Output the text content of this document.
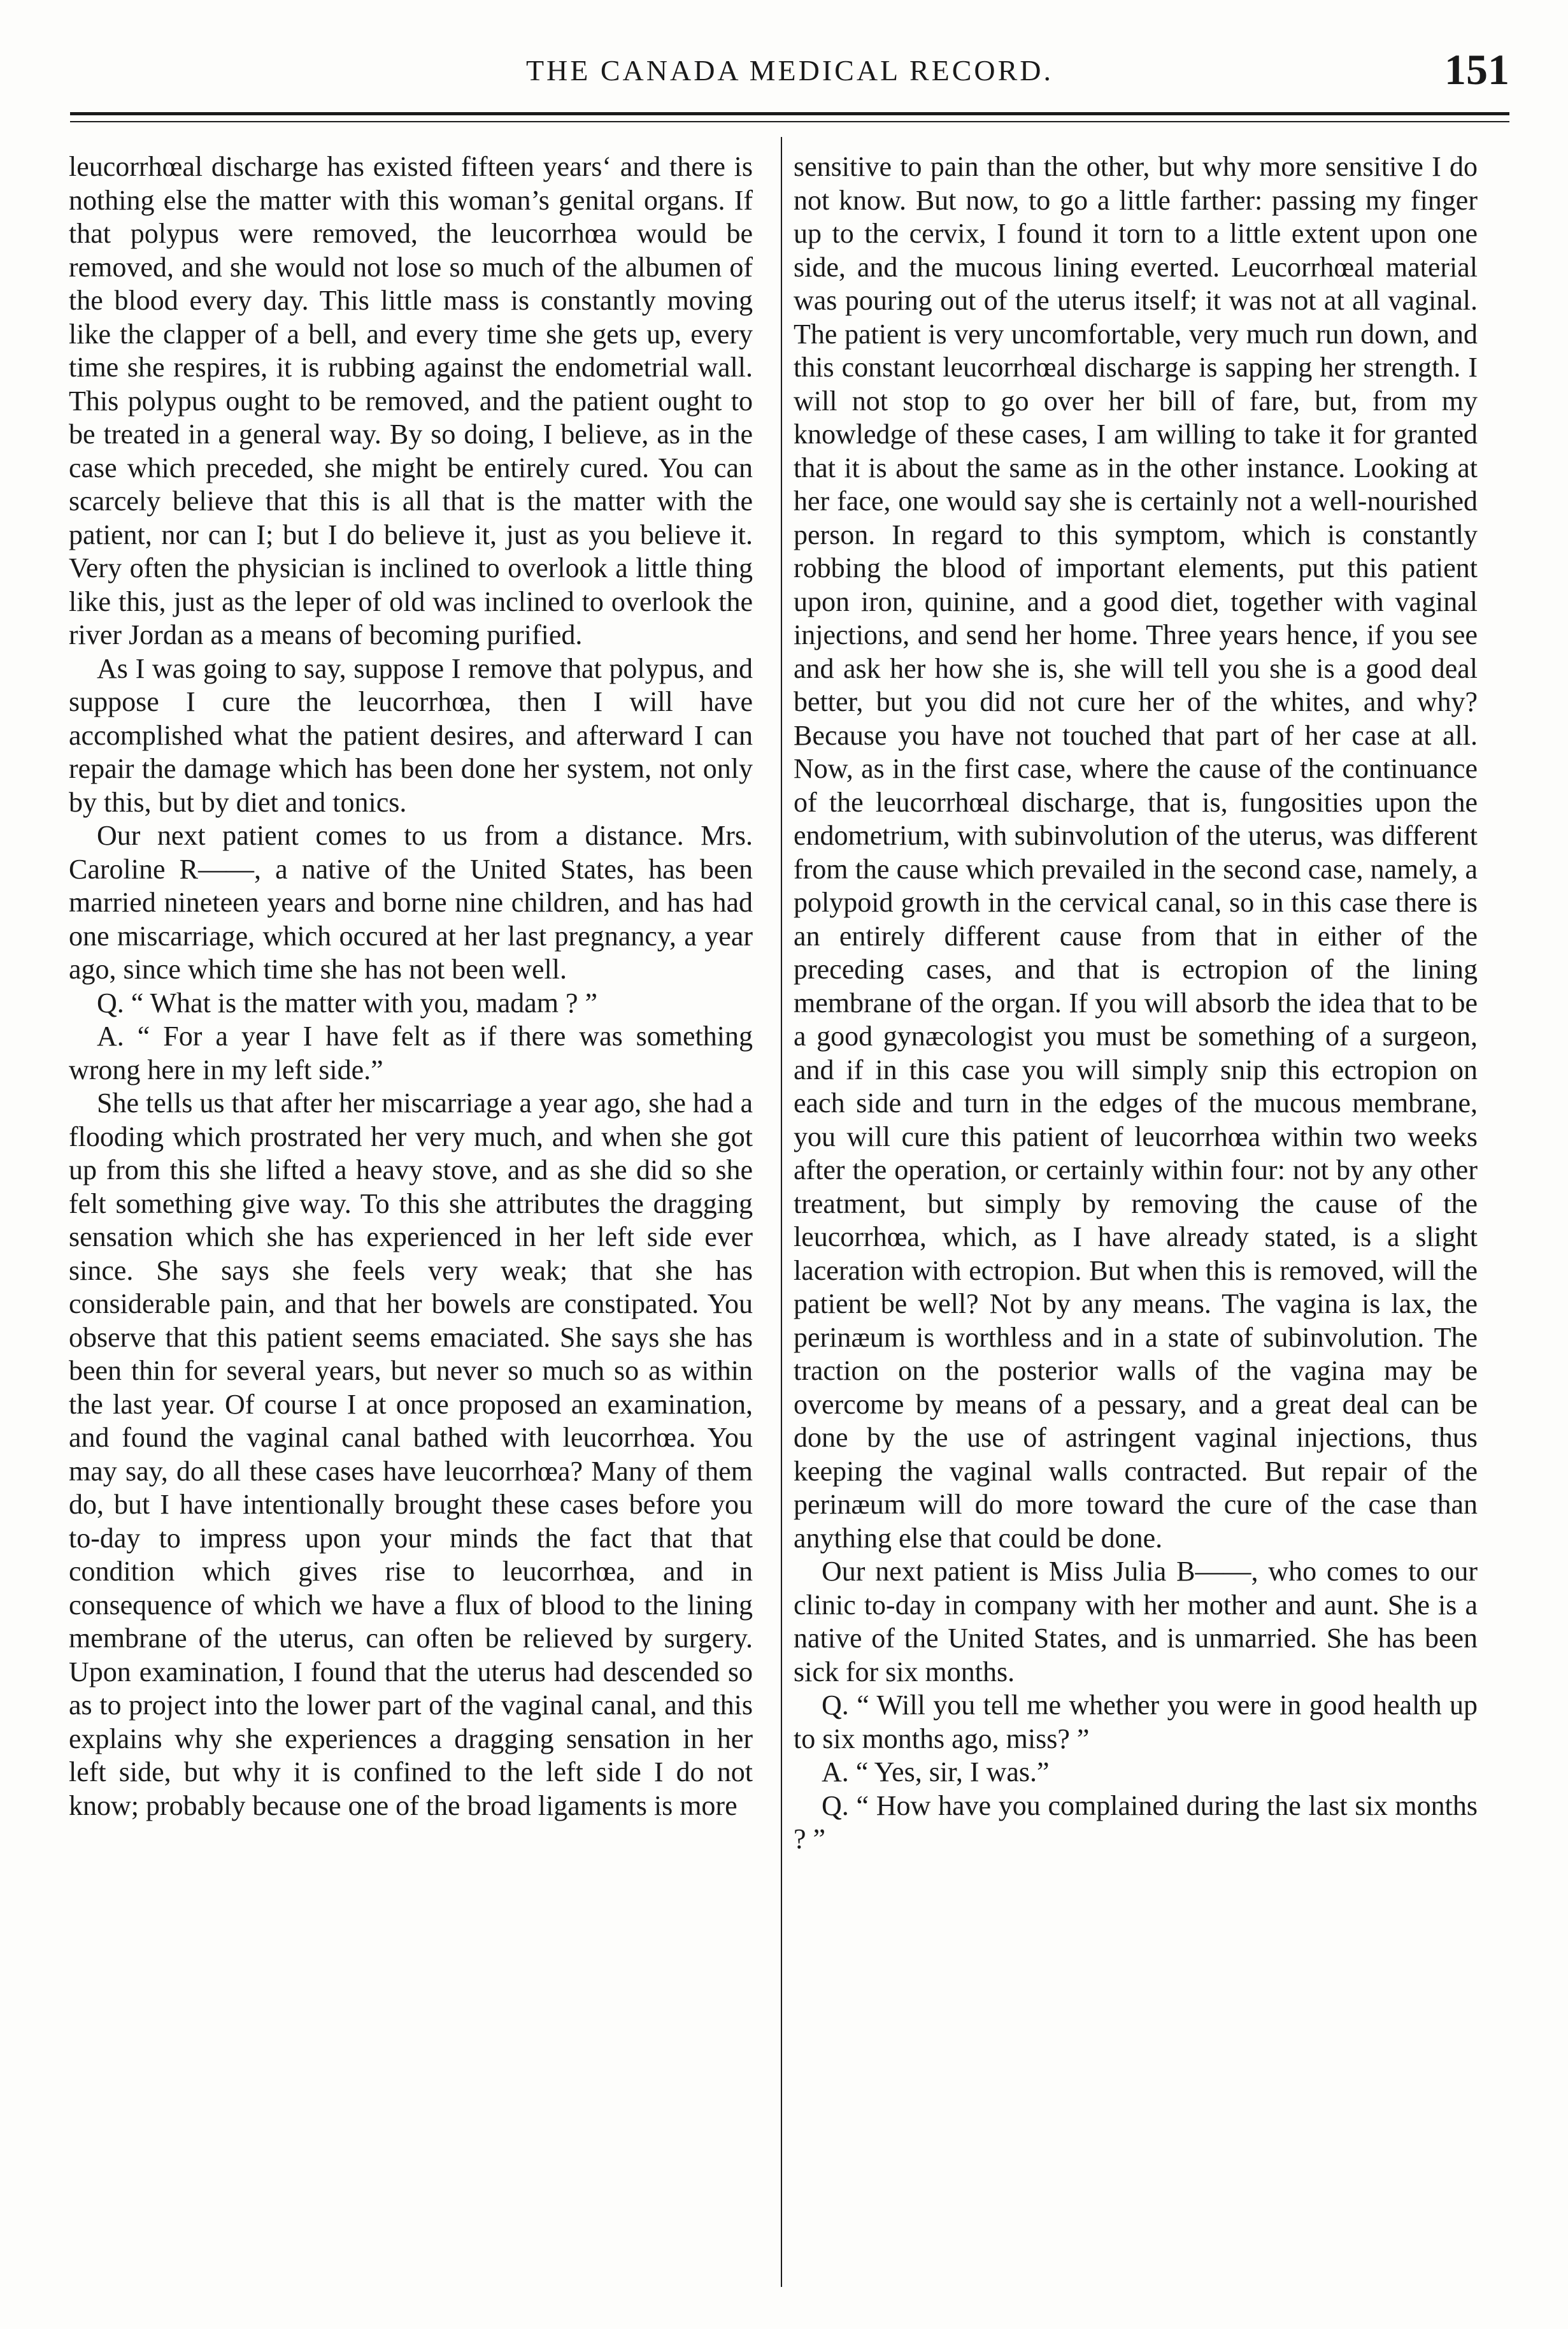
THE CANADA MEDICAL RECORD.	151

leucorrhœal discharge has existed fifteen years‘ and there is nothing else the matter with this woman’s genital organs. If that polypus were removed, the leucorrhœa would be removed, and she would not lose so much of the albumen of the blood every day. This little mass is constantly moving like the clapper of a bell, and every time she gets up, every time she respires, it is rubbing against the endometrial wall. This polypus ought to be removed, and the patient ought to be treated in a general way. By so doing, I believe, as in the case which preceded, she might be entirely cured. You can scarcely believe that this is all that is the matter with the patient, nor can I; but I do believe it, just as you believe it. Very often the physician is inclined to overlook a little thing like this, just as the leper of old was inclined to overlook the river Jordan as a means of becoming purified.

As I was going to say, suppose I remove that polypus, and suppose I cure the leucorrhœa, then I will have accomplished what the patient desires, and afterward I can repair the damage which has been done her system, not only by this, but by diet and tonics.

Our next patient comes to us from a distance. Mrs. Caroline R——, a native of the United States, has been married nineteen years and borne nine children, and has had one miscarriage, which occured at her last pregnancy, a year ago, since which time she has not been well.

Q. “ What is the matter with you, madam ? ”

A. “ For a year I have felt as if there was something wrong here in my left side.”

She tells us that after her miscarriage a year ago, she had a flooding which prostrated her very much, and when she got up from this she lifted a heavy stove, and as she did so she felt something give way. To this she attributes the dragging sensation which she has experienced in her left side ever since. She says she feels very weak; that she has considerable pain, and that her bowels are constipated. You observe that this patient seems emaciated. She says she has been thin for several years, but never so much so as within the last year. Of course I at once proposed an examination, and found the vaginal canal bathed with leucorrhœa. You may say, do all these cases have leucorrhœa? Many of them do, but I have intentionally brought these cases before you to-day to impress upon your minds the fact that that condition which gives rise to leucorrhœa, and in consequence of which we have a flux of blood to the lining membrane of the uterus, can often be relieved by surgery. Upon examination, I found that the uterus had descended so as to project into the lower part of the vaginal canal, and this explains why she experiences a dragging sensation in her left side, but why it is confined to the left side I do not know; probably because one of the broad ligaments is more

sensitive to pain than the other, but why more sensitive I do not know. But now, to go a little farther: passing my finger up to the cervix, I found it torn to a little extent upon one side, and the mucous lining everted. Leucorrhœal material was pouring out of the uterus itself; it was not at all vaginal. The patient is very uncomfortable, very much run down, and this constant leucorrhœal discharge is sapping her strength. I will not stop to go over her bill of fare, but, from my knowledge of these cases, I am willing to take it for granted that it is about the same as in the other instance. Looking at her face, one would say she is certainly not a well-nourished person. In regard to this symptom, which is constantly robbing the blood of important elements, put this patient upon iron, quinine, and a good diet, together with vaginal injections, and send her home. Three years hence, if you see and ask her how she is, she will tell you she is a good deal better, but you did not cure her of the whites, and why? Because you have not touched that part of her case at all. Now, as in the first case, where the cause of the continuance of the leucorrhœal discharge, that is, fungosities upon the endometrium, with subinvolution of the uterus, was different from the cause which prevailed in the second case, namely, a polypoid growth in the cervical canal, so in this case there is an entirely different cause from that in either of the preceding cases, and that is ectropion of the lining membrane of the organ. If you will absorb the idea that to be a good gynæcologist you must be something of a surgeon, and if in this case you will simply snip this ectropion on each side and turn in the edges of the mucous membrane, you will cure this patient of leucorrhœa within two weeks after the operation, or certainly within four: not by any other treatment, but simply by removing the cause of the leucorrhœa, which, as I have already stated, is a slight laceration with ectropion. But when this is removed, will the patient be well? Not by any means. The vagina is lax, the perinæum is worthless and in a state of subinvolution. The traction on the posterior walls of the vagina may be overcome by means of a pessary, and a great deal can be done by the use of astringent vaginal injections, thus keeping the vaginal walls contracted. But repair of the perinæum will do more toward the cure of the case than anything else that could be done.

Our next patient is Miss Julia B——, who comes to our clinic to-day in company with her mother and aunt. She is a native of the United States, and is unmarried. She has been sick for six months.

Q. “ Will you tell me whether you were in good health up to six months ago, miss? ”

A. “ Yes, sir, I was.”

Q. “ How have you complained during the last six months ? ”
